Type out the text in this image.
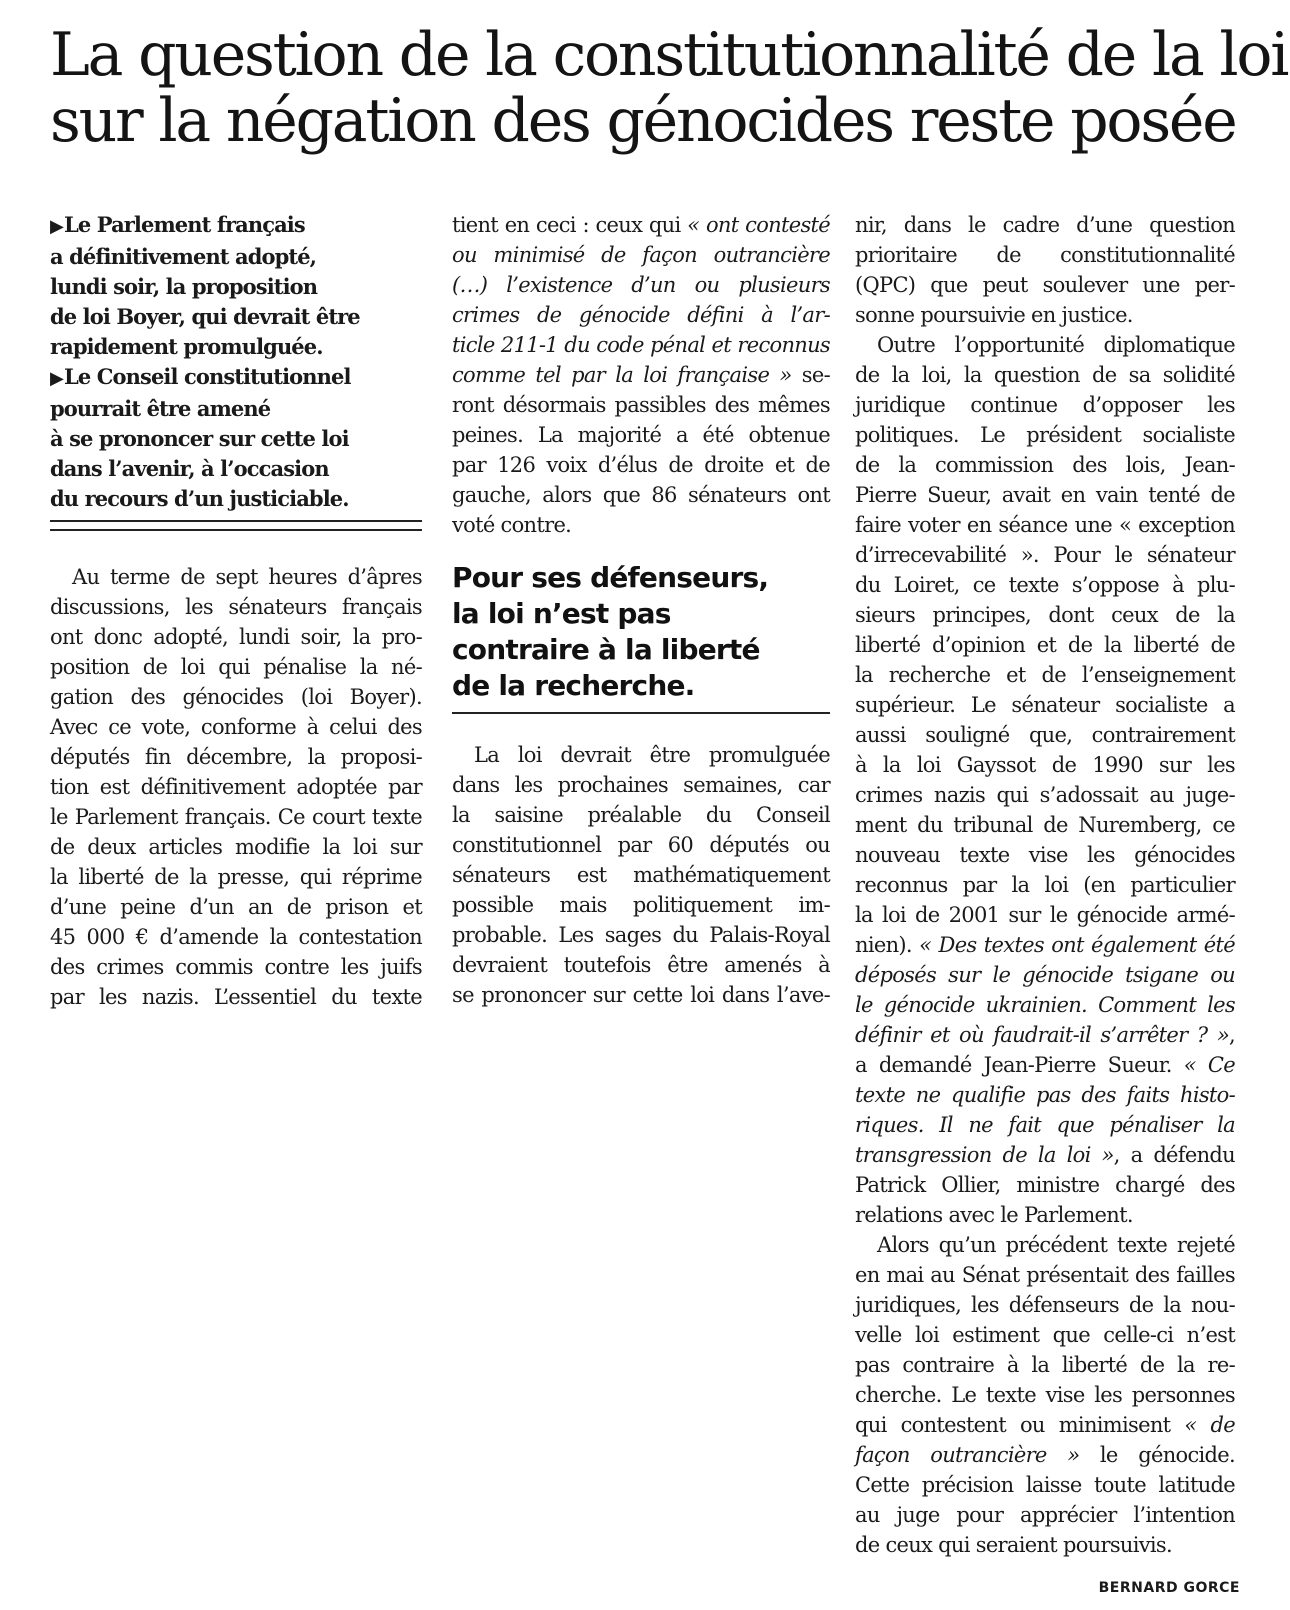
La question de la constitutionnalité de la loi
sur la négation des génocides reste posée
▶Le Parlement français
a définitivement adopté,
lundi soir, la proposition
de loi Boyer, qui devrait être
rapidement promulguée.
▶Le Conseil constitutionnel
pourrait être amené
à se prononcer sur cette loi
dans l’avenir, à l’occasion
du recours d’un justiciable.
Au terme de sept heures d’âpres
discussions, les sénateurs français
ont donc adopté, lundi soir, la pro-
position de loi qui pénalise la né-
gation des génocides (loi Boyer).
Avec ce vote, conforme à celui des
députés fin décembre, la proposi-
tion est définitivement adoptée par
le Parlement français. Ce court texte
de deux articles modifie la loi sur
la liberté de la presse, qui réprime
d’une peine d’un an de prison et
45 000 € d’amende la contestation
des crimes commis contre les juifs
par les nazis. L’essentiel du texte
tient en ceci : ceux qui « ont contesté
ou minimisé de façon outrancière
(…) l’existence d’un ou plusieurs
crimes de génocide défini à l’ar-
ticle 211-1 du code pénal et reconnus
comme tel par la loi française » se-
ront désormais passibles des mêmes
peines. La majorité a été obtenue
par 126 voix d’élus de droite et de
gauche, alors que 86 sénateurs ont
voté contre.
Pour ses défenseurs,
la loi n’est pas
contraire à la liberté
de la recherche.
La loi devrait être promulguée
dans les prochaines semaines, car
la saisine préalable du Conseil
constitutionnel par 60 députés ou
sénateurs est mathématiquement
possible mais politiquement im-
probable. Les sages du Palais-Royal
devraient toutefois être amenés à
se prononcer sur cette loi dans l’ave-
nir, dans le cadre d’une question
prioritaire de constitutionnalité
(QPC) que peut soulever une per-
sonne poursuivie en justice.
Outre l’opportunité diplomatique
de la loi, la question de sa solidité
juridique continue d’opposer les
politiques. Le président socialiste
de la commission des lois, Jean-
Pierre Sueur, avait en vain tenté de
faire voter en séance une « exception
d’irrecevabilité ». Pour le sénateur
du Loiret, ce texte s’oppose à plu-
sieurs principes, dont ceux de la
liberté d’opinion et de la liberté de
la recherche et de l’enseignement
supérieur. Le sénateur socialiste a
aussi souligné que, contrairement
à la loi Gayssot de 1990 sur les
crimes nazis qui s’adossait au juge-
ment du tribunal de Nuremberg, ce
nouveau texte vise les génocides
reconnus par la loi (en particulier
la loi de 2001 sur le génocide armé-
nien). « Des textes ont également été
déposés sur le génocide tsigane ou
le génocide ukrainien. Comment les
définir et où faudrait-il s’arrêter ? »,
a demandé Jean-Pierre Sueur. « Ce
texte ne qualifie pas des faits histo-
riques. Il ne fait que pénaliser la
transgression de la loi », a défendu
Patrick Ollier, ministre chargé des
relations avec le Parlement.
Alors qu’un précédent texte rejeté
en mai au Sénat présentait des failles
juridiques, les défenseurs de la nou-
velle loi estiment que celle-ci n’est
pas contraire à la liberté de la re-
cherche. Le texte vise les personnes
qui contestent ou minimisent « de
façon outrancière » le génocide.
Cette précision laisse toute latitude
au juge pour apprécier l’intention
de ceux qui seraient poursuivis.
BERNARD GORCE
